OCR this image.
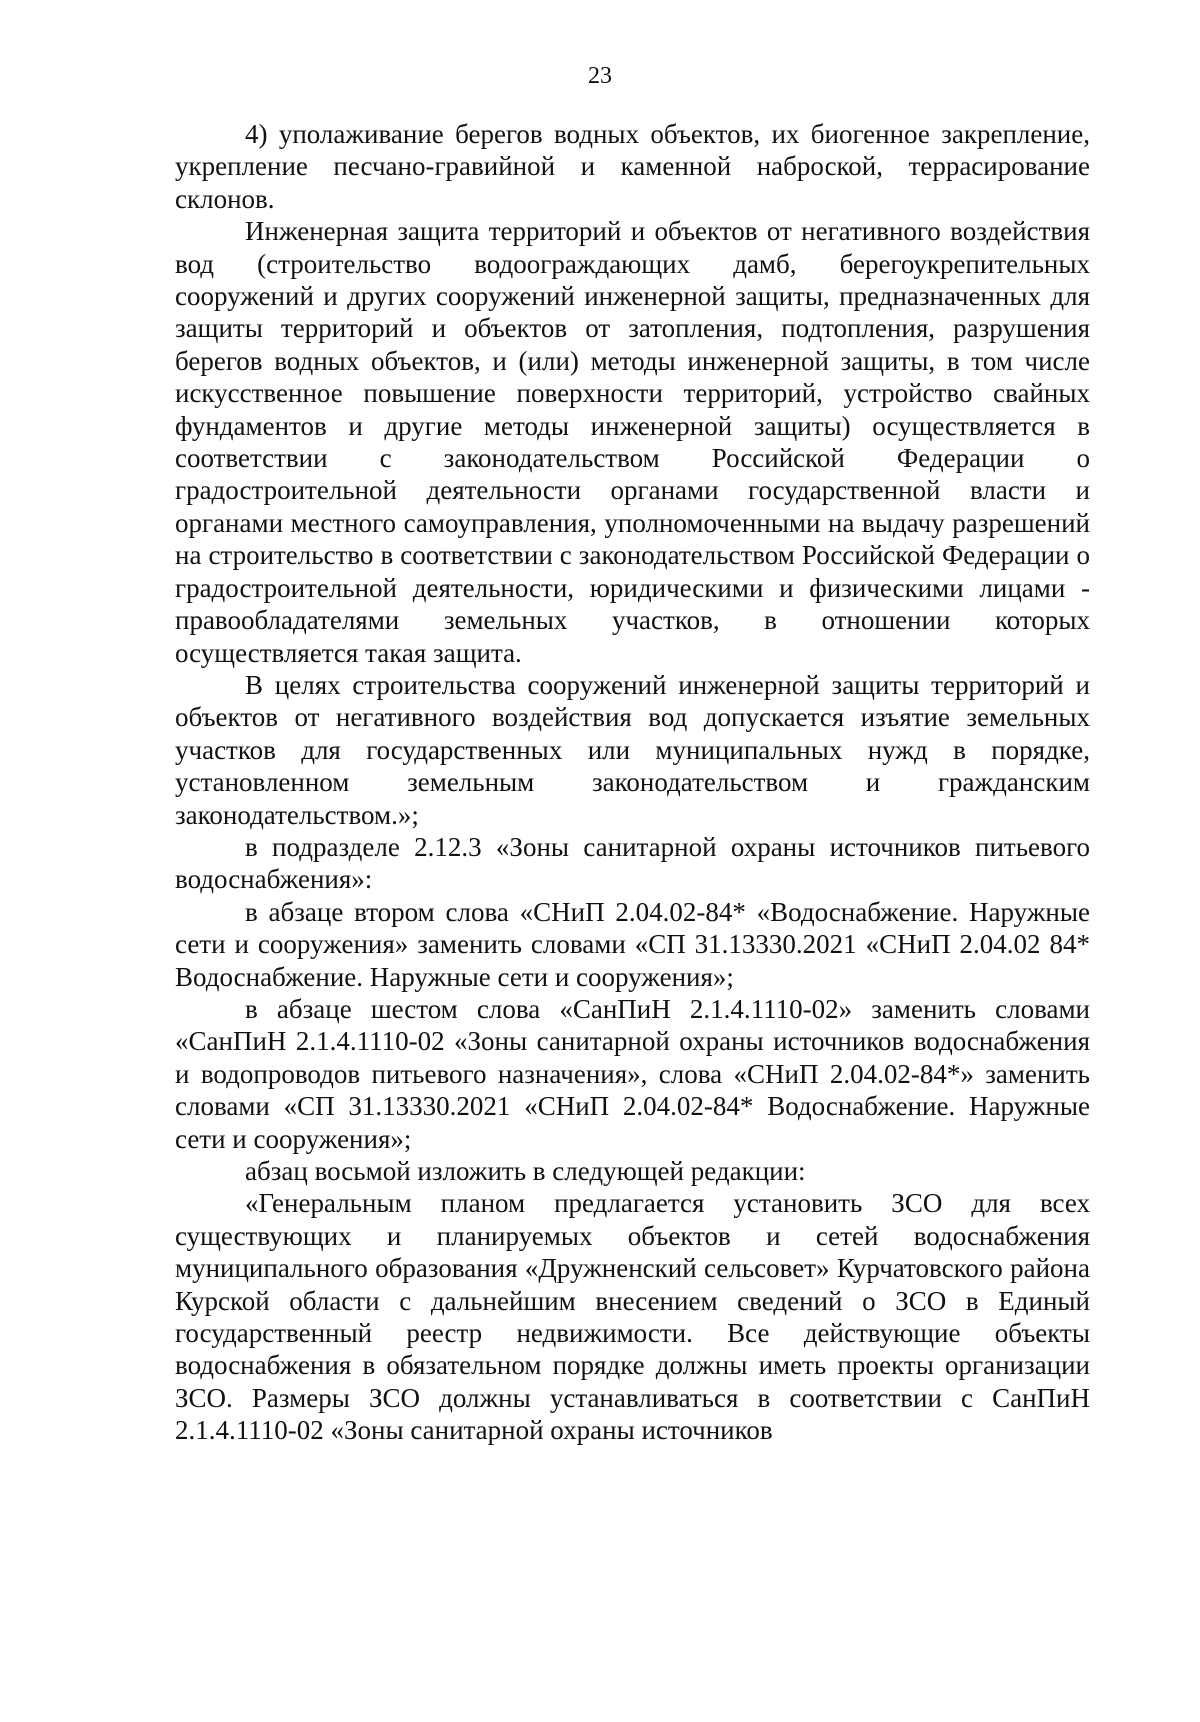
23

4) уполаживание берегов водных объектов, их биогенное закрепление, укрепление песчано-гравийной и каменной наброской, террасирование склонов.

Инженерная защита территорий и объектов от негативного воздействия вод (строительство водоограждающих дамб, берегоукрепительных сооружений и других сооружений инженерной защиты, предназначенных для защиты территорий и объектов от затопления, подтопления, разрушения берегов водных объектов, и (или) методы инженерной защиты, в том числе искусственное повышение поверхности территорий, устройство свайных фундаментов и другие методы инженерной защиты) осуществляется в соответствии с законодательством Российской Федерации о градостроительной деятельности органами государственной власти и органами местного самоуправления, уполномоченными на выдачу разрешений на строительство в соответствии с законодательством Российской Федерации о градостроительной деятельности, юридическими и физическими лицами - правообладателями земельных участков, в отношении которых осуществляется такая защита.

В целях строительства сооружений инженерной защиты территорий и объектов от негативного воздействия вод допускается изъятие земельных участков для государственных или муниципальных нужд в порядке, установленном земельным законодательством и гражданским законодательством.»;

в подразделе 2.12.3 «Зоны санитарной охраны источников питьевого водоснабжения»:

в абзаце втором слова «СНиП 2.04.02-84* «Водоснабжение. Наружные сети и сооружения» заменить словами «СП 31.13330.2021 «СНиП 2.04.02 84* Водоснабжение. Наружные сети и сооружения»;

в абзаце шестом слова «СанПиН 2.1.4.1110-02» заменить словами «СанПиН 2.1.4.1110-02 «Зоны санитарной охраны источников водоснабжения и водопроводов питьевого назначения», слова «СНиП 2.04.02-84*» заменить словами «СП 31.13330.2021 «СНиП 2.04.02-84* Водоснабжение. Наружные сети и сооружения»;

абзац восьмой изложить в следующей редакции:

«Генеральным планом предлагается установить ЗСО для всех существующих и планируемых объектов и сетей водоснабжения муниципального образования «Дружненский сельсовет» Курчатовского района Курской области с дальнейшим внесением сведений о ЗСО в Единый государственный реестр недвижимости. Все действующие объекты водоснабжения в обязательном порядке должны иметь проекты организации ЗСО. Размеры ЗСО должны устанавливаться в соответствии с СанПиН 2.1.4.1110-02 «Зоны санитарной охраны источников
